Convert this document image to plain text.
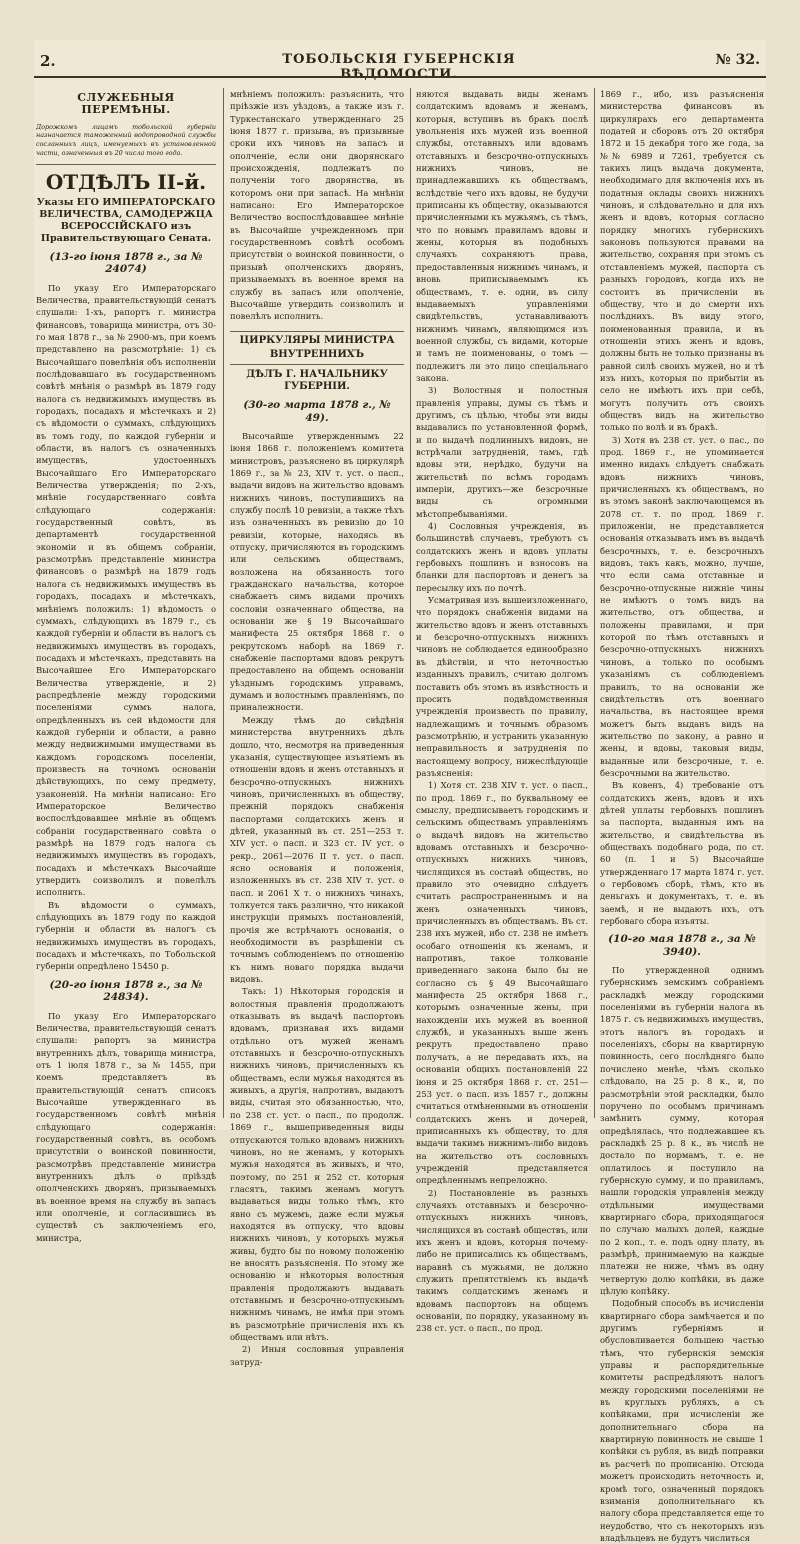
2.	ТОБОЛЬСКІЯ ГУБЕРНСКІЯ ВѢДОМОСТИ.
№ 32.
СЛУЖЕБНЫЯ ПЕРЕМѢНЫ.
Дорожкомъ лицамъ тобольской губернiи назначается таможенный водопроводной службы сосланныхъ лицъ, именуемыхъ въ установленной части, означенныя въ 20 числа того года.
ОТДѢЛЪ II-й.
Указы ЕГО ИМПЕРАТОРСКАГО ВЕЛИЧЕСТВА, САМОДЕРЖЦА ВСЕРОССІЙСКАГО изъ Правительствующаго Сената.
(13-го iюня 1878 г., за № 24074)

По указу Его Императорскаго Величества, правительствующій сенатъ слушали: 1-хъ, рапортъ г. министра финансовъ, товарища министра, отъ 30-го мая 1878 г., за № 2900-мъ, при коемъ представлено на разсмотрѣніе: 1) съ Высочайшаго повелѣнія объ исполненіи послѣдовавшаго въ государственномъ совѣтѣ мнѣнія о размѣрѣ въ 1879 году налога съ недвижимыхъ имуществъ въ городахъ, посадахъ и мѣстечкахъ и 2) съ вѣдомости о суммахъ, слѣдующихъ въ томъ году, по каждой губерніи и области, въ налогъ съ означенныхъ имуществъ, удостоенныхъ Высочайшаго Его Императорскаго Величества утвержденія; по 2-хъ, мнѣніе государственнаго совѣта слѣдующаго содержанія: государственный совѣтъ, въ департаментѣ государственной экономіи и въ общемъ собраніи, разсмотрѣвъ представленіе министра финансовъ о размѣрѣ на 1879 годъ налога съ недвижимыхъ имуществъ въ городахъ, посадахъ и мѣстечкахъ, мнѣніемъ положилъ: 1) вѣдомость о суммахъ, слѣдующихъ въ 1879 г., съ каждой губерніи и области въ налогъ съ недвижимыхъ имуществъ въ городахъ, посадахъ и мѣстечкахъ, представить на Высочайшее Его Императорскаго Величества утвержденіе, и 2) распредѣленіе между городскими поселеніями суммъ налога, опредѣленныхъ въ сей вѣдомости для каждой губерніи и области, а равно между недвижимыми имуществами въ каждомъ городскомъ поселеніи, произвесть на точномъ основаніи дѣйствующихъ, по сему предмету, узаконеній. На мнѣніи написано: Его Императорское Величество воспослѣдовавшее мнѣніе въ общемъ собраніи государственнаго совѣта о размѣрѣ на 1879 годъ налога съ недвижимыхъ имуществъ въ городахъ, посадахъ и мѣстечкахъ Высочайше утвердить соизволилъ и повелѣлъ исполнить.

Въ вѣдомости о суммахъ, слѣдующихъ въ 1879 году по каждой губерніи и области въ налогъ съ недвижимыхъ имуществъ въ городахъ, посадахъ и мѣстечкахъ, по Тобольской губерніи опредѣлено 15450 р.

(20-го iюня 1878 г., за № 24834).

По указу Его Императорскаго Величества, правительствующій сенатъ слушали: рапортъ за министра внутреннихъ дѣлъ, товарища министра, отъ 1 iюля 1878 г., за № 1455, при коемъ представляетъ въ правительствующій сенатъ списокъ Высочайше утвержденнаго въ государственномъ совѣтѣ мнѣнія слѣдующаго содержанія: государственный совѣтъ, въ особомъ присутствіи о воинской повинности, разсмотрѣвъ представленіе министра внутреннихъ дѣлъ о пріѣздѣ ополченскихъ дворянъ, призываемыхъ въ военное время на службу въ запасъ или ополченіе, и согласившись въ существѣ съ заключеніемъ его, министра,

мнѣніемъ положилъ: разъяснить, что пріѣзжіе изъ уѣздовъ, а также изъ г. Туркестанскаго утвержденнаго 25 iюня 1877 г. призыва, въ призывные сроки ихъ чиновъ на запасъ и ополченіе, если они дворянскаго происхожденія, подлежатъ по полученіи того дворянства, въ которомъ они при запасѣ. На мнѣніи написано: Его Императорское Величество воспослѣдовавшее мнѣніе въ Высочайше учрежденномъ при государственномъ совѣтѣ особомъ присутствіи о воинской повинности, о призывѣ ополченскихъ дворянъ, призываемыхъ въ военное время на службу въ запасъ или ополченіе, Высочайше утвердить соизволилъ и повелѣлъ исполнить.

ЦИРКУЛЯРЫ МИНИСТРА ВНУТРЕННИХЪ
ДѢЛЪ Г. НАЧАЛЬНИКУ ГУБЕРНІИ.
(30-го марта 1878 г., № 49).

Высочайше утвержденнымъ 22 iюня 1868 г. положеніемъ комитета министровъ, разъяснено въ циркулярѣ 1869 г., за № 23, XIV т. уст. о пасп., выдачи видовъ на жительство вдовамъ нижнихъ чиновъ, поступившихъ на службу послѣ 10 ревизіи, а также тѣхъ изъ означенныхъ въ ревизію до 10 ревизіи, которые, находясь въ отпуску, причисляются въ городскимъ или сельскимъ обществамъ, возложена на обязанность того гражданскаго начальства, которое снабжаетъ симъ видами прочихъ сословіи означеннаго общества, на основаніи же § 19 Высочайшаго манифеста 25 октября 1868 г. о рекрутскомъ наборѣ на 1869 г. снабженіе паспортами вдовъ рекрутъ предоставлено на общемъ основаніи уѣзднымъ городскимъ управамъ, думамъ и волостнымъ правленіямъ, по приналежности.

Между тѣмъ до свѣдѣнія министерства внутреннихъ дѣлъ дошло, что, несмотря на приведенныя указанія, существующее изъятіемъ въ отношеніи вдовъ и женъ отставныхъ и безсрочно-отпускныхъ нижнихъ чиновъ, причисленныхъ въ обществу, прежній порядокъ снабженія паспортами солдатскихъ женъ и дѣтей, указанный въ ст. 251—253 т. XIV уст. о пасп. и 323 ст. IV уст. о рекр., 2061—2076 II т. уст. о пасп. ясно основанія и положенія, изложенныхъ въ ст. 238 XIV т. уст. о пасп. и 2061 Х т. о нижнихъ чинахъ, толкуется такъ различно, что никакой инструкціи прямыхъ постановленій, прочія же встрѣчаютъ основанія, о необходимости въ разрѣшеніи съ точнымъ соблюденіемъ по отношенію къ нимъ новаго порядка выдачи видовъ.

Такъ: 1) Нѣкоторыя городскія и волостныя правленія продолжаютъ отказывать въ выдачѣ паспортовъ вдовамъ, признавая ихъ видами отдѣльно отъ мужей женамъ отставныхъ и безсрочно-отпускныхъ нижнихъ чиновъ, причисленныхъ къ обществамъ, если мужья находятся въ живыхъ, а другія, напротивъ, выдаютъ виды, считая это обязанностью, что, по 238 ст. уст. о пасп., по продолж. 1869 г., вышеприведенныя виды отпускаются только вдовамъ нижнихъ чиновъ, но не женамъ, у которыхъ мужья находятся въ живыхъ, и что, поэтому, по 251 и 252 ст. которыя гласятъ, такимъ женамъ могутъ выдаваться виды только тѣмъ, кто явно съ мужемъ, даже если мужья находятся въ отпуску, что вдовы нижнихъ чиновъ, у которыхъ мужья живы, будто бы по новому положенію не вносятъ разъясненія. По этому же основанію и нѣкоторыя волостныя правленія продолжаютъ выдавать отставнымъ и безсрочно-отпускнымъ нижнимъ чинамъ, не имѣя при этомъ въ разсмотрѣніе причисленія ихъ къ обществамъ или нѣтъ.

2) Иныя сословныя управленія затруд-

няются выдавать виды женамъ солдатскимъ вдовамъ и женамъ, которыя, вступивъ въ бракъ послѣ увольненія ихъ мужей изъ военной службы, отставныхъ или вдовамъ отставныхъ и безсрочно-отпускныхъ нижнихъ чиновъ, не принадлежавшихъ къ обществамъ, вслѣдствіе чего ихъ вдовы, не будучи приписаны къ обществу, оказываются причисленными къ мужьямъ, съ тѣмъ, что по новымъ правиламъ вдовы и жены, которыя въ подобныхъ случаяхъ сохраняютъ права, предоставленныя нижнимъ чинамъ, и вновь приписываемымъ къ обществамъ, т. е. одни, въ силу выдаваемыхъ управленіями свидѣтельствъ, устанавливаютъ нижнимъ чинамъ, являющимся изъ военной службы, съ видами, которые и тамъ не поименованы, о томъ — подлежитъ ли это лицо спеціальнаго закона.

3) Волостныя и полостныя правленія управы, думы съ тѣмъ и другимъ, съ цѣлью, чтобы эти виды выдавались по установленной формѣ, и по выдачѣ подлинныхъ видовъ, не встрѣчали затрудненій, тамъ, гдѣ вдовы эти, нерѣдко, будучи на жительствѣ по всѣмъ городамъ имперіи, другихъ—же безсрочные виды съ огромными мѣстопребываніями.

4) Сословныя учрежденія, въ большинствѣ случаевъ, требуютъ съ солдатскихъ женъ и вдовъ уплаты гербовыхъ пошлинъ и взносовъ на бланки для паспортовъ и денегъ за пересылку ихъ по почтѣ.

Усматривая изъ вышеизложеннаго, что порядокъ снабженія видами на жительство вдовъ и женъ отставныхъ и безсрочно-отпускныхъ нижнихъ чиновъ не соблюдается единообразно въ дѣйствіи, и что неточностью изданныхъ правилъ, считаю долгомъ поставить объ этомъ въ извѣстность и просить подвѣдомственныя учрежденія произвесть по правилу, надлежащимъ и точнымъ образомъ разсмотрѣнію, и устранить указанную неправильность и затрудненія по настоящему вопросу, нижеслѣдующіе разъясненія:

1) Хотя ст. 238 XIV т. уст. о пасп., по прод. 1869 г., по буквальному ее смыслу, предписываетъ городскимъ и сельскимъ обществамъ управленіямъ о выдачѣ видовъ на жительство вдовамъ отставныхъ и безсрочно-отпускныхъ нижнихъ чиновъ, числящихся въ составѣ обществъ, но правило это очевидно слѣдуетъ считать распространеннымъ и на женъ означенныхъ чиновъ, причисленныхъ въ обществамъ. Въ ст. 238 ихъ мужей, ибо ст. 238 не имѣетъ особаго отношенія къ женамъ, и напротивъ, такое толкованіе приведеннаго закона было бы не согласно съ § 49 Высочайшаго манифеста 25 октября 1868 г., которымъ означенные жены, при нахожденіи ихъ мужей въ военной службѣ, и указанныхъ выше женъ рекрутъ предоставлено право получать, а не передавать ихъ, на основаніи общихъ постановленій 22 iюня и 25 октября 1868 г. ст. 251—253 уст. о пасп. изъ 1857 г., должны считаться отмѣненными въ отношеніи солдатскихъ женъ и дочерей, приписанныхъ къ обществу, то для выдачи такимъ нижнимъ-либо видовъ на жительство отъ сословныхъ учрежденій представляется опредѣленнымъ непреложно.

2) Постановленіе въ разныхъ случаяхъ отставныхъ и безсрочно-отпускныхъ нижнихъ чиновъ, числящихся въ составѣ обществъ, или ихъ женъ и вдовъ, которыя почему-либо не приписались къ обществамъ, наравнѣ съ мужьями, не должно служить препятствіемъ къ выдачѣ такимъ солдатскимъ женамъ и вдовамъ паспортовъ на общемъ основаніи, по порядку, указанному въ 238 ст. уст. о пасп., по прод.

1869 г., ибо, изъ разъясненія министерства финансовъ въ циркулярахъ его департамента податей и сборовъ отъ 20 октября 1872 и 15 декабря того же года, за №№ 6989 и 7261, требуется съ такихъ лицъ выдача документа, необходимаго для включенія ихъ въ податныя оклады своихъ нижнихъ чиновъ, и слѣдовательно и для ихъ женъ и вдовъ, которыя согласно порядку многихъ губернскихъ законовъ пользуются правами на жительство, сохраняя при этомъ съ отставленіемъ мужей, паспорта съ разныхъ городовъ, когда ихъ не состоитъ въ причисленіи въ обществу, что и до смерти ихъ послѣднихъ. Въ виду этого, поименованныя правила, и въ отношеніи этихъ женъ и вдовъ, должны быть не только признаны въ равной силѣ своихъ мужей, но и тѣ изъ нихъ, которыя по прибытіи въ село не имѣютъ ихъ при себѣ, могутъ получить отъ своихъ обществъ видъ на жительство только по волѣ и въ бракѣ.

3) Хотя въ 238 ст. уст. о пас., по прод. 1869 г., не упоминается именно видахъ слѣдуетъ снабжать вдовъ нижнихъ чиновъ, причисленныхъ къ обществамъ, но въ этомъ законѣ заключающемся въ 2078 ст. т. по прод. 1869 г. приложеніи, не представляется основанія отказывать имъ въ выдачѣ безсрочныхъ, т. е. безсрочныхъ видовъ, такъ какъ, можно, лучше, что если сама отставные и безсрочно-отпускные нижніе чины не имѣютъ о томъ видъ на жительство, отъ общества, и положены правилами, и при которой по тѣмъ отставныхъ и безсрочно-отпускныхъ нижнихъ чиновъ, а только по особымъ указаніямъ съ соблюденіемъ правилъ, то на основаніи же свидѣтельствъ отъ военнаго начальства, въ настоящее время можетъ быть выданъ видъ на жительство по закону, а равно и жены, и вдовы, таковыя виды, выданные или безсрочные, т. е. безсрочными на жительство.

Въ ковенъ, 4) требованіе отъ солдатскихъ женъ, вдовъ и ихъ дѣтей уплаты гербовыхъ пошлинъ за паспорта, выданныя имъ на жительство, и свидѣтельства въ обществахъ подобнаго рода, по ст. 60 (п. 1 и 5) Высочайше утвержденнаго 17 марта 1874 г. уст. о гербовомъ сборѣ, тѣмъ, кто въ деньгахъ и документахъ, т. е. въ заемѣ, и не выдаютъ ихъ, отъ гербоваго сбора изъяты.

(10-го мая 1878 г., за № 3940).

По утвержденной однимъ губернскимъ земскимъ собраніемъ раскладкѣ между городскими поселеніями въ губерніи налога въ 1875 г. съ недвижимыхъ имуществъ, этотъ налогъ въ городахъ и поселеніяхъ, сборы на квартирную повинность, сего послѣдняго было почислено менѣе, чѣмъ сколько слѣдовало, на 25 р. 8 к., и, по разсмотрѣніи этой раскладки, было поручено по особымъ причинамъ замѣнить сумму, которая опредѣлялась, что подлежавшее къ раскладкѣ 25 р. 8 к., въ числѣ не достало по нормамъ, т. е. не оплатилось и поступило на губернскую сумму, и по правиламъ, нашли городскія управленія между отдѣльными имуществами квартирнаго сбора, приходящагося по случаю малыхъ долей, каждые по 2 коп., т. е. подъ одну плату, въ размѣрѣ, принимаемую на каждые платежи не ниже, чѣмъ въ одну четвертую долю копѣйки, въ даже цѣлую копѣйку.

Подобный способъ въ исчисленіи квартирнаго сбора замѣчается и по другимъ губерніямъ и обусловливается большею частью тѣмъ, что губернскія земскія управы и распорядительные комитеты распредѣляютъ налогъ между городскими поселеніями не въ круглыхъ рубляхъ, а съ копѣйками, при исчисленіи же дополнительнаго сбора на квартирную повинность не свыше 1 копѣйки съ рубля, въ видѣ поправки въ расчетѣ по прописанію. Отсюда можетъ происходить неточность и, кромѣ того, означенный порядокъ взиманія дополнительнаго къ налогу сбора представляется еще то неудобство, что съ некоторыхъ изъ владѣльцевъ не будутъ числиться
